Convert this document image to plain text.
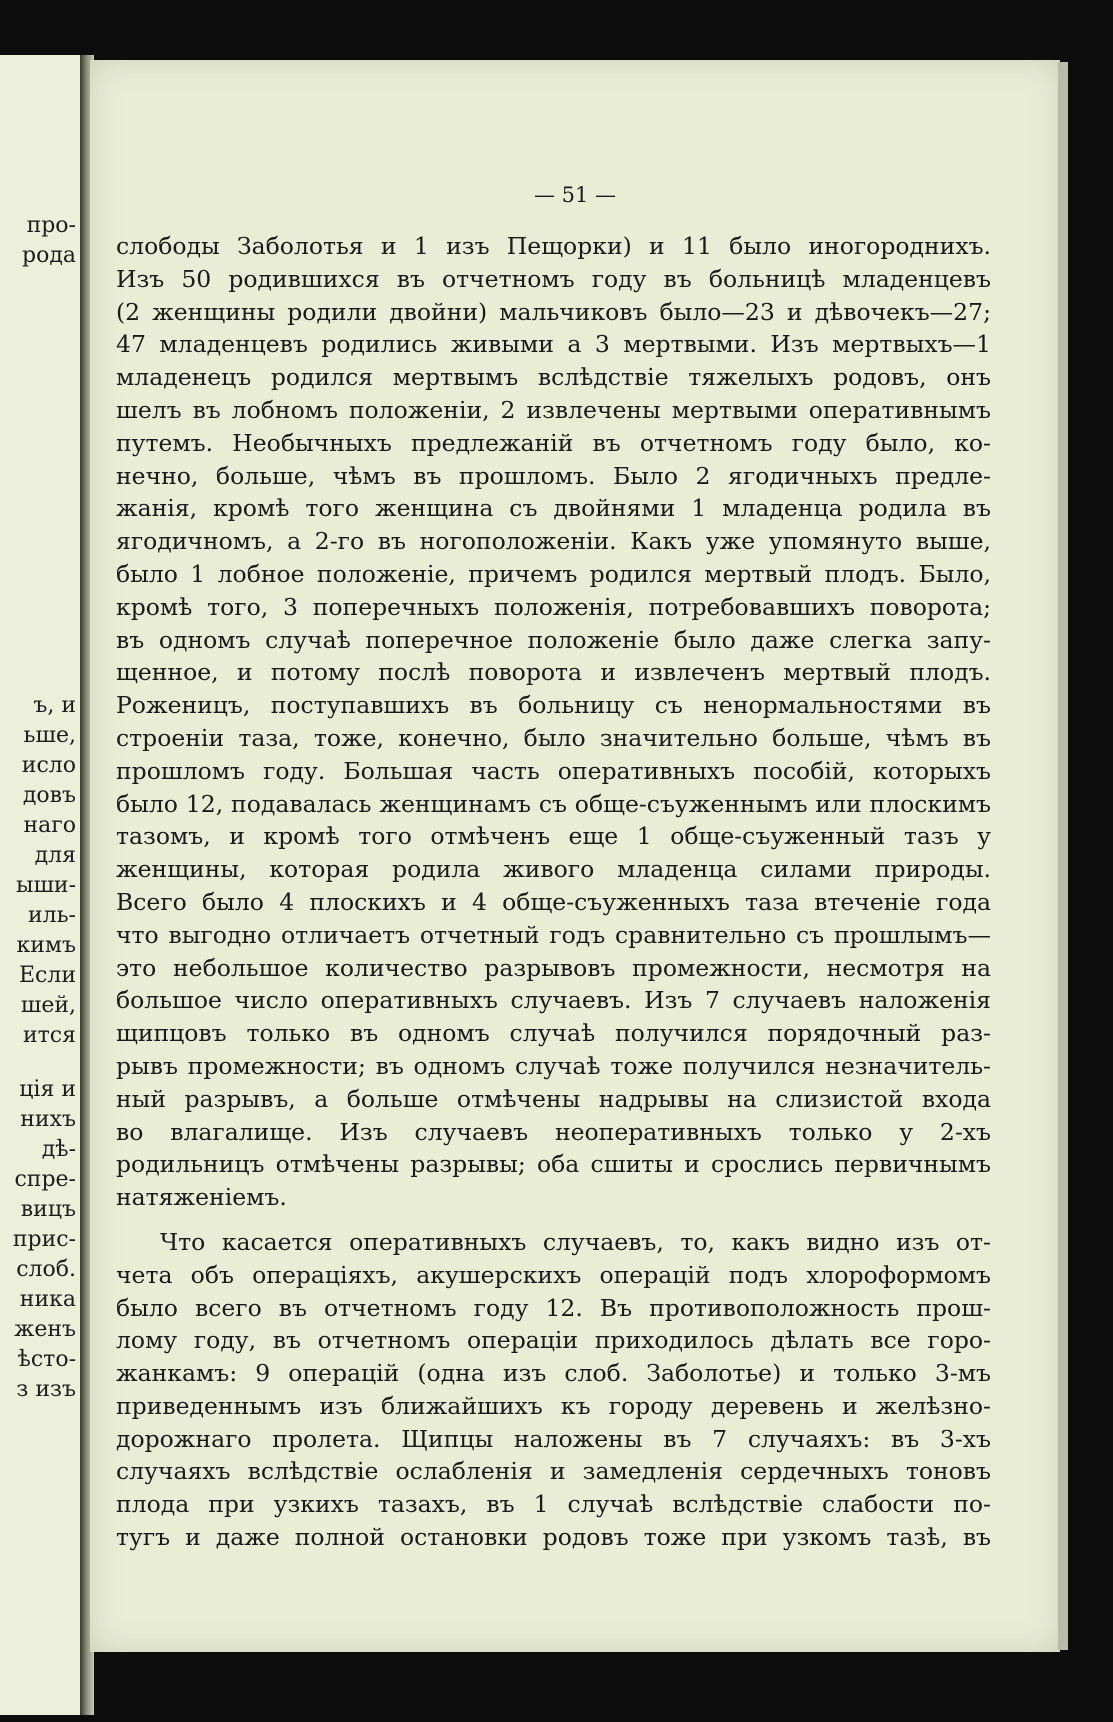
про-
рода
ъ, и
ьше,
исло
довъ
наго
для
ыши-
иль-
кимъ
Если
шей,
ится
ція и
нихъ
дѣ-
спре-
вицъ
прис-
слоб.
ника
женъ
ѣсто-
з изъ
— 51 —

слободы Заболотья и 1 изъ Пещорки) и 11 было иногороднихъ.
Изъ 50 родившихся въ отчетномъ году въ больницѣ младенцевъ
(2 женщины родили двойни) мальчиковъ было—23 и дѣвочекъ—27;
47 младенцевъ родились живыми а 3 мертвыми. Изъ мертвыхъ—1
младенецъ родился мертвымъ вслѣдствіе тяжелыхъ родовъ, онъ
шелъ въ лобномъ положеніи, 2 извлечены мертвыми оперативнымъ
путемъ. Необычныхъ предлежаній въ отчетномъ году было, ко-
нечно, больше, чѣмъ въ прошломъ. Было 2 ягодичныхъ предле-
жанія, кромѣ того женщина съ двойнями 1 младенца родила въ
ягодичномъ, а 2-го въ ногоположеніи. Какъ уже упомянуто выше,
было 1 лобное положеніе, причемъ родился мертвый плодъ. Было,
кромѣ того, 3 поперечныхъ положенія, потребовавшихъ поворота;
въ одномъ случаѣ поперечное положеніе было даже слегка запу-
щенное, и потому послѣ поворота и извлеченъ мертвый плодъ.
Роженицъ, поступавшихъ въ больницу съ ненормальностями въ
строеніи таза, тоже, конечно, было значительно больше, чѣмъ въ
прошломъ году. Большая часть оперативныхъ пособій, которыхъ
было 12, подавалась женщинамъ съ обще-съуженнымъ или плоскимъ
тазомъ, и кромѣ того отмѣченъ еще 1 обще-съуженный тазъ у
женщины, которая родила живого младенца силами природы.
Всего было 4 плоскихъ и 4 обще-съуженныхъ таза втеченіе года
что выгодно отличаетъ отчетный годъ сравнительно съ прошлымъ—
это небольшое количество разрывовъ промежности, несмотря на
большое число оперативныхъ случаевъ. Изъ 7 случаевъ наложенія
щипцовъ только въ одномъ случаѣ получился порядочный раз-
рывъ промежности; въ одномъ случаѣ тоже получился незначитель-
ный разрывъ, а больше отмѣчены надрывы на слизистой входа
во влагалище. Изъ случаевъ неоперативныхъ только у 2-хъ
родильницъ отмѣчены разрывы; оба сшиты и срослись первичнымъ
натяженіемъ.

Что касается оперативныхъ случаевъ, то, какъ видно изъ от-
чета объ операціяхъ, акушерскихъ операцій подъ хлороформомъ
было всего въ отчетномъ году 12. Въ противоположность прош-
лому году, въ отчетномъ операціи приходилось дѣлать все горо-
жанкамъ: 9 операцій (одна изъ слоб. Заболотье) и только 3-мъ
приведеннымъ изъ ближайшихъ къ городу деревень и желѣзно-
дорожнаго пролета. Щипцы наложены въ 7 случаяхъ: въ 3-хъ
случаяхъ вслѣдствіе ослабленія и замедленія сердечныхъ тоновъ
плода при узкихъ тазахъ, въ 1 случаѣ вслѣдствіе слабости по-
тугъ и даже полной остановки родовъ тоже при узкомъ тазѣ, въ
